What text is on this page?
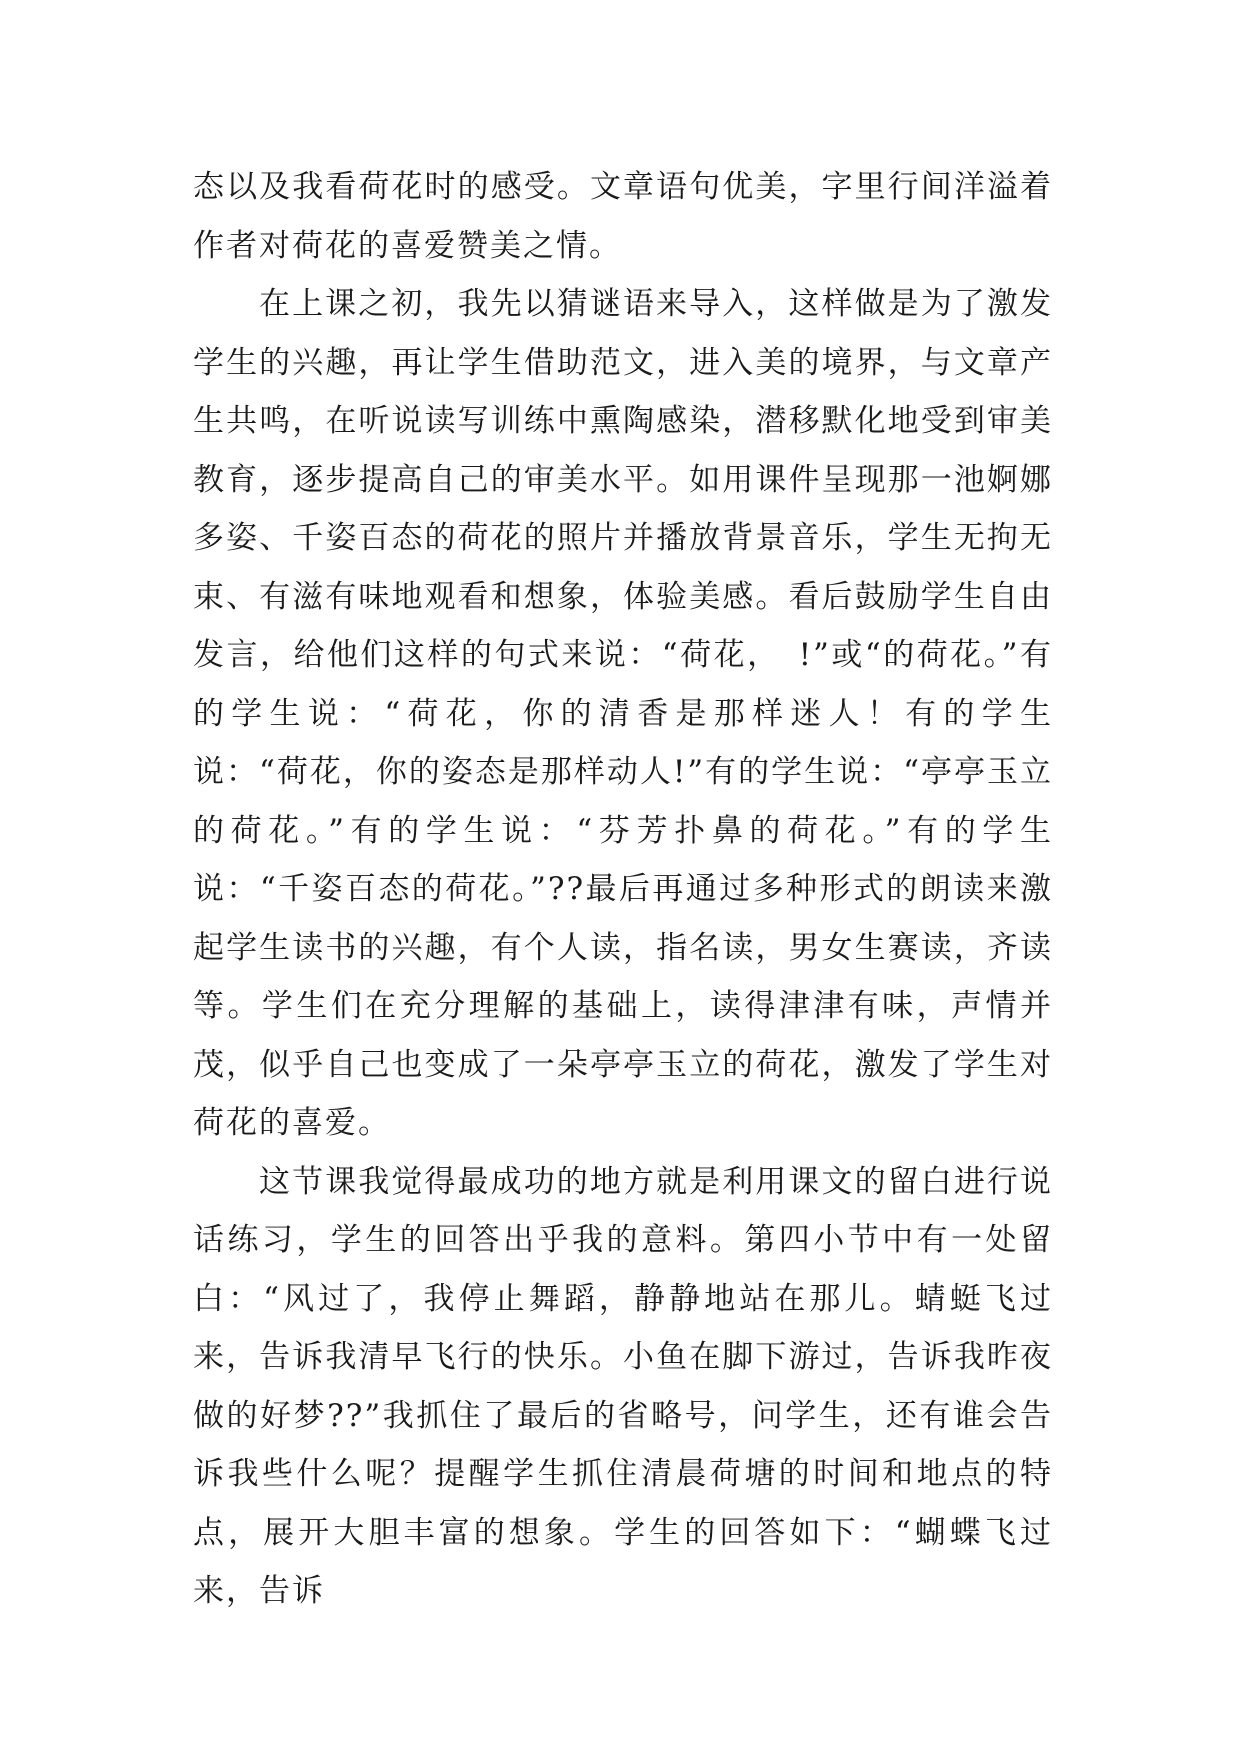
态以及我看荷花时的感受。文章语句优美，字里行间洋溢着作者对荷花的喜爱赞美之情。

在上课之初，我先以猜谜语来导入，这样做是为了激发学生的兴趣，再让学生借助范文，进入美的境界，与文章产生共鸣，在听说读写训练中熏陶感染，潜移默化地受到审美教育，逐步提高自己的审美水平。如用课件呈现那一池婀娜多姿、千姿百态的荷花的照片并播放背景音乐，学生无拘无束、有滋有味地观看和想象，体验美感。看后鼓励学生自由发言，给他们这样的句式来说：“荷花，　!”或“的荷花。”有的学生说：“荷花，你的清香是那样迷人！有的学生说：“荷花，你的姿态是那样动人!”有的学生说：“亭亭玉立的荷花。”有的学生说：“芬芳扑鼻的荷花。”有的学生说：“千姿百态的荷花。”??最后再通过多种形式的朗读来激起学生读书的兴趣，有个人读，指名读，男女生赛读，齐读等。学生们在充分理解的基础上，读得津津有味，声情并茂，似乎自己也变成了一朵亭亭玉立的荷花，激发了学生对荷花的喜爱。

这节课我觉得最成功的地方就是利用课文的留白进行说话练习，学生的回答出乎我的意料。第四小节中有一处留白：“风过了，我停止舞蹈，静静地站在那儿。蜻蜓飞过来，告诉我清早飞行的快乐。小鱼在脚下游过，告诉我昨夜做的好梦??”我抓住了最后的省略号，问学生，还有谁会告诉我些什么呢？提醒学生抓住清晨荷塘的时间和地点的特点，展开大胆丰富的想象。学生的回答如下：“蝴蝶飞过来，告诉
